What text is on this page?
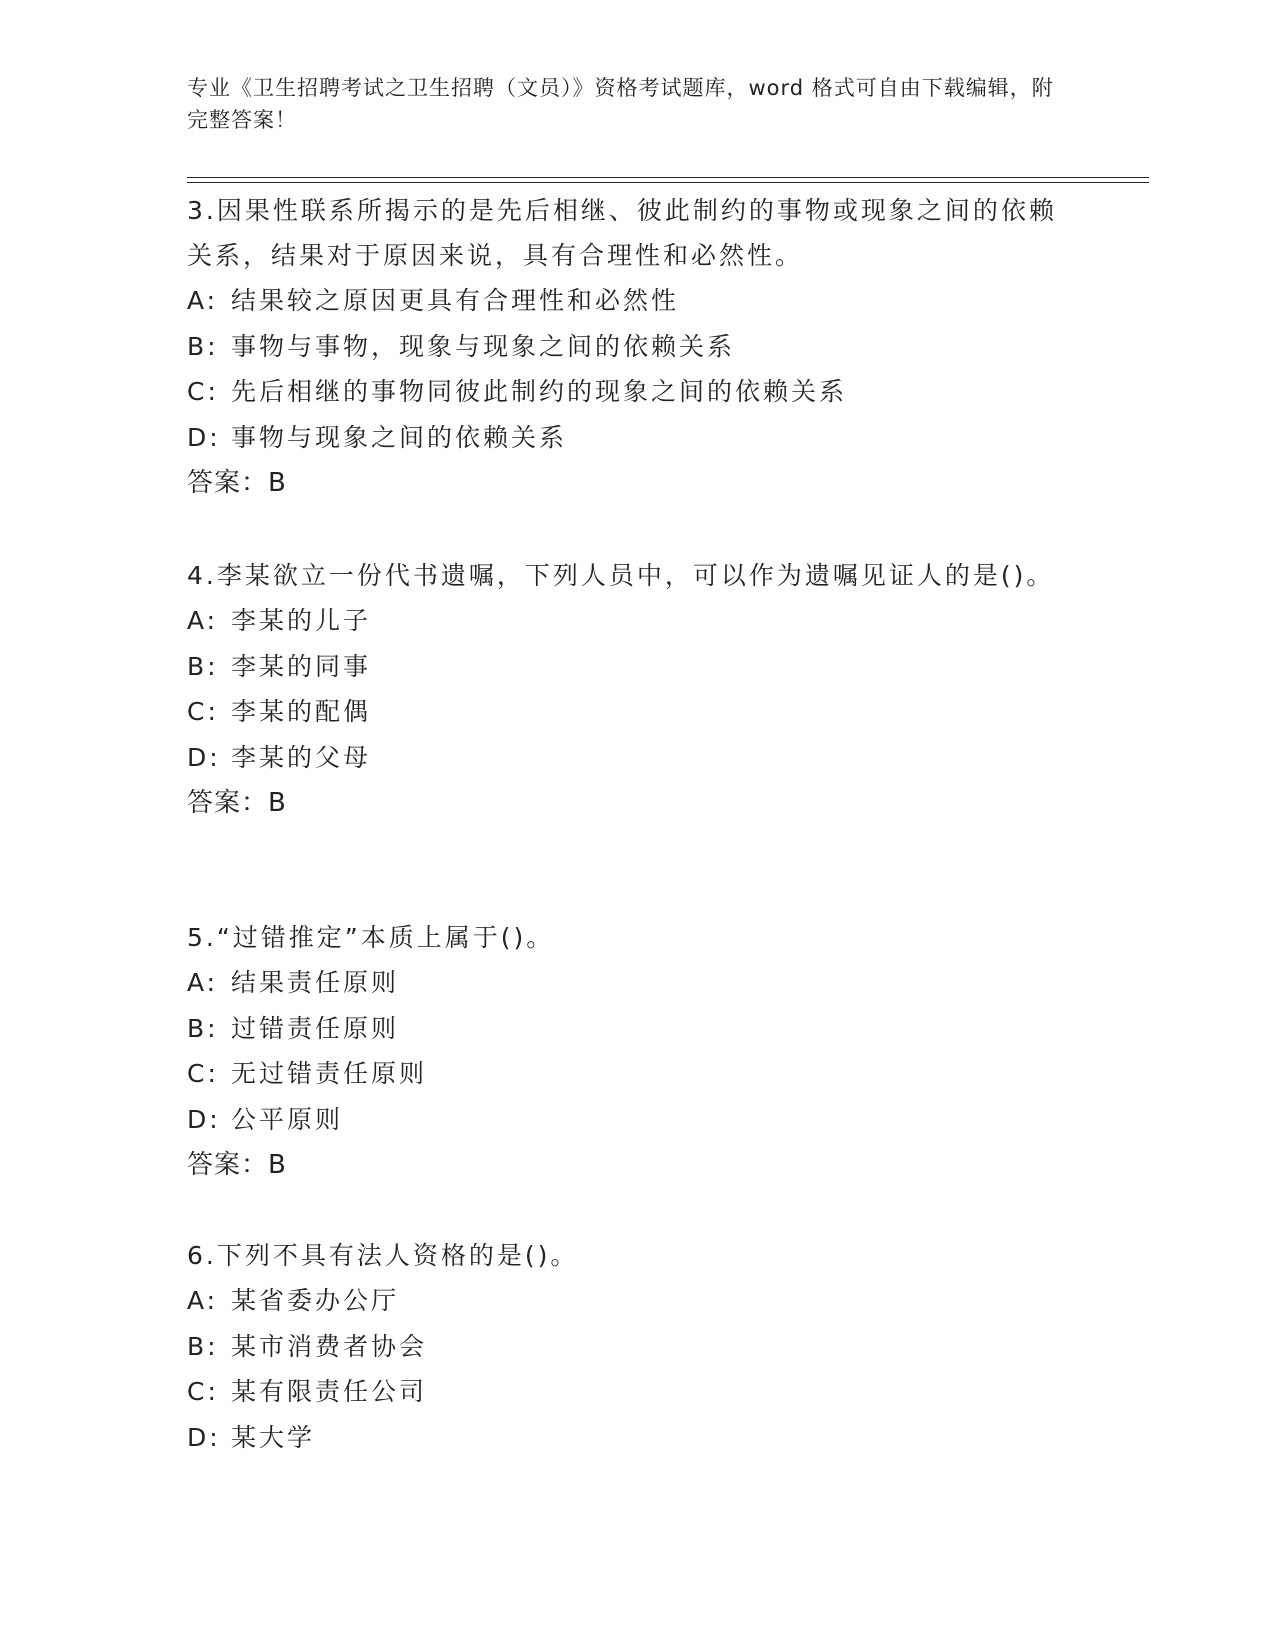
专业《卫生招聘考试之卫生招聘（文员）》资格考试题库，word 格式可自由下载编辑，附完整答案！

3.因果性联系所揭示的是先后相继、彼此制约的事物或现象之间的依赖关系，结果对于原因来说，具有合理性和必然性。

A: 结果较之原因更具有合理性和必然性

B: 事物与事物，现象与现象之间的依赖关系

C: 先后相继的事物同彼此制约的现象之间的依赖关系

D: 事物与现象之间的依赖关系

答案：B

4.李某欲立一份代书遗嘱，下列人员中，可以作为遗嘱见证人的是()。

A: 李某的儿子

B: 李某的同事

C: 李某的配偶

D: 李某的父母

答案：B

5.“过错推定”本质上属于()。

A: 结果责任原则

B: 过错责任原则

C: 无过错责任原则

D: 公平原则

答案：B

6.下列不具有法人资格的是()。

A: 某省委办公厅

B: 某市消费者协会

C: 某有限责任公司

D: 某大学
